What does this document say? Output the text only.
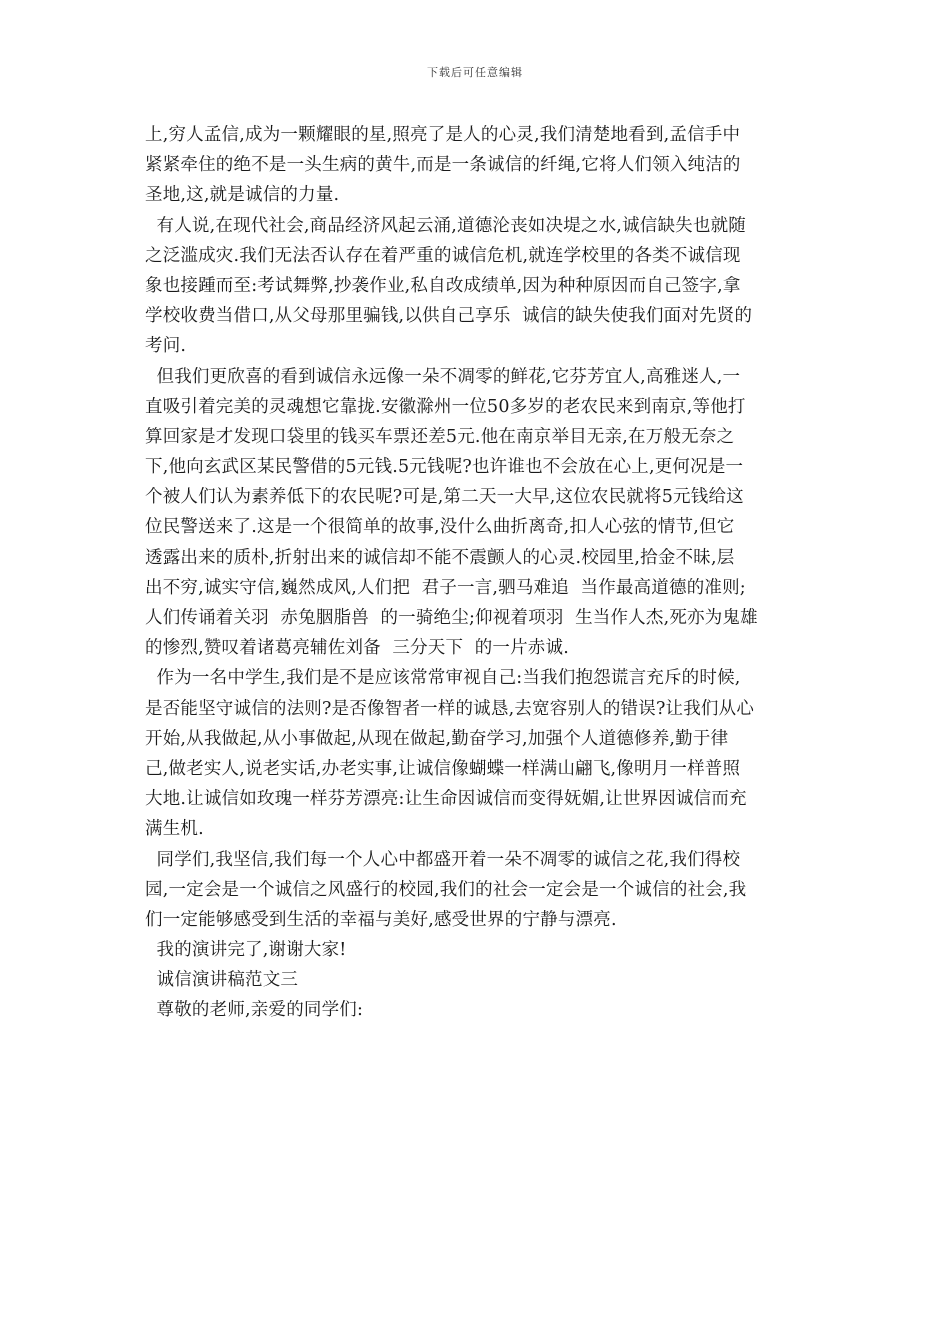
下载后可任意编辑
上,穷人孟信,成为一颗耀眼的星,照亮了是人的心灵,我们清楚地看到,孟信手中
紧紧牵住的绝不是一头生病的黄牛,而是一条诚信的纤绳,它将人们领入纯洁的
圣地,这,就是诚信的力量.
有人说,在现代社会,商品经济风起云涌,道德沦丧如决堤之水,诚信缺失也就随
之泛滥成灾.我们无法否认存在着严重的诚信危机,就连学校里的各类不诚信现
象也接踵而至:考试舞弊,抄袭作业,私自改成绩单,因为种种原因而自己签字,拿
学校收费当借口,从父母那里骗钱,以供自己享乐  诚信的缺失使我们面对先贤的
考问.
但我们更欣喜的看到诚信永远像一朵不凋零的鲜花,它芬芳宜人,高雅迷人,一
直吸引着完美的灵魂想它靠拢.安徽滁州一位50多岁的老农民来到南京,等他打
算回家是才发现口袋里的钱买车票还差5元.他在南京举目无亲,在万般无奈之
下,他向玄武区某民警借的5元钱.5元钱呢?也许谁也不会放在心上,更何况是一
个被人们认为素养低下的农民呢?可是,第二天一大早,这位农民就将5元钱给这
位民警送来了.这是一个很简单的故事,没什么曲折离奇,扣人心弦的情节,但它
透露出来的质朴,折射出来的诚信却不能不震颤人的心灵.校园里,拾金不昧,层
出不穷,诚实守信,巍然成风,人们把  君子一言,驷马难追  当作最高道德的准则;
人们传诵着关羽  赤兔胭脂兽  的一骑绝尘;仰视着项羽  生当作人杰,死亦为鬼雄
的惨烈,赞叹着诸葛亮辅佐刘备  三分天下  的一片赤诚.
作为一名中学生,我们是不是应该常常审视自己:当我们抱怨谎言充斥的时候,
是否能坚守诚信的法则?是否像智者一样的诚恳,去宽容别人的错误?让我们从心
开始,从我做起,从小事做起,从现在做起,勤奋学习,加强个人道德修养,勤于律
己,做老实人,说老实话,办老实事,让诚信像蝴蝶一样满山翩飞,像明月一样普照
大地.让诚信如玫瑰一样芬芳漂亮:让生命因诚信而变得妩媚,让世界因诚信而充
满生机.
同学们,我坚信,我们每一个人心中都盛开着一朵不凋零的诚信之花,我们得校
园,一定会是一个诚信之风盛行的校园,我们的社会一定会是一个诚信的社会,我
们一定能够感受到生活的幸福与美好,感受世界的宁静与漂亮.
我的演讲完了,谢谢大家!
诚信演讲稿范文三
尊敬的老师,亲爱的同学们:
